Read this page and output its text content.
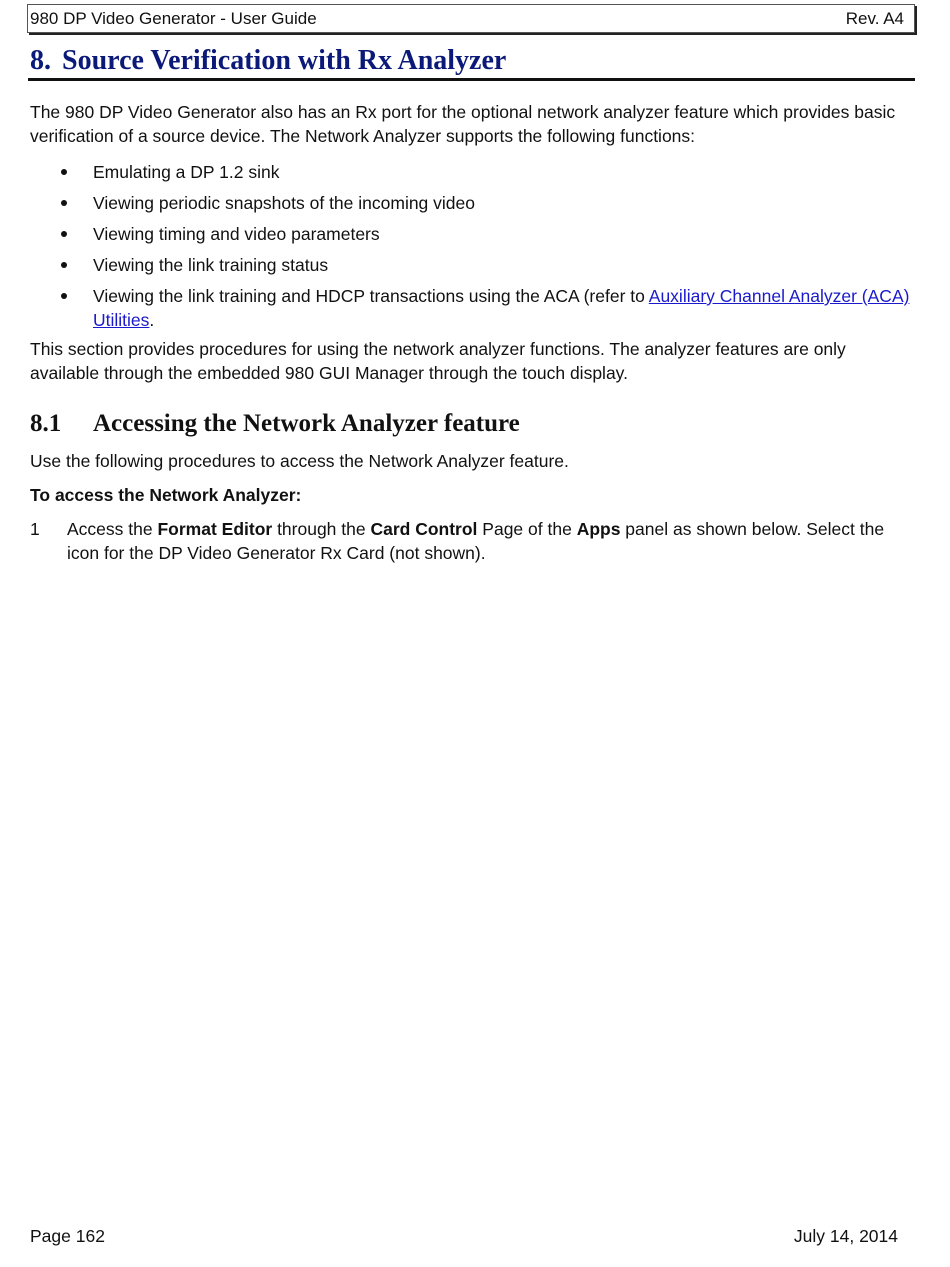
980 DP Video Generator - User Guide	Rev. A4
8. Source Verification with Rx Analyzer

The 980 DP Video Generator also has an Rx port for the optional network analyzer feature which provides basic verification of a source device. The Network Analyzer supports the following functions:

Emulating a DP 1.2 sink
Viewing periodic snapshots of the incoming video
Viewing timing and video parameters
Viewing the link training status
Viewing the link training and HDCP transactions using the ACA (refer to Auxiliary Channel Analyzer (ACA) Utilities.

This section provides procedures for using the network analyzer functions. The analyzer features are only available through the embedded 980 GUI Manager through the touch display.

8.1 Accessing the Network Analyzer feature

Use the following procedures to access the Network Analyzer feature.

To access the Network Analyzer:

1	Access the Format Editor through the Card Control Page of the Apps panel as shown below. Select the icon for the DP Video Generator Rx Card (not shown).
Page 162	July 14, 2014
